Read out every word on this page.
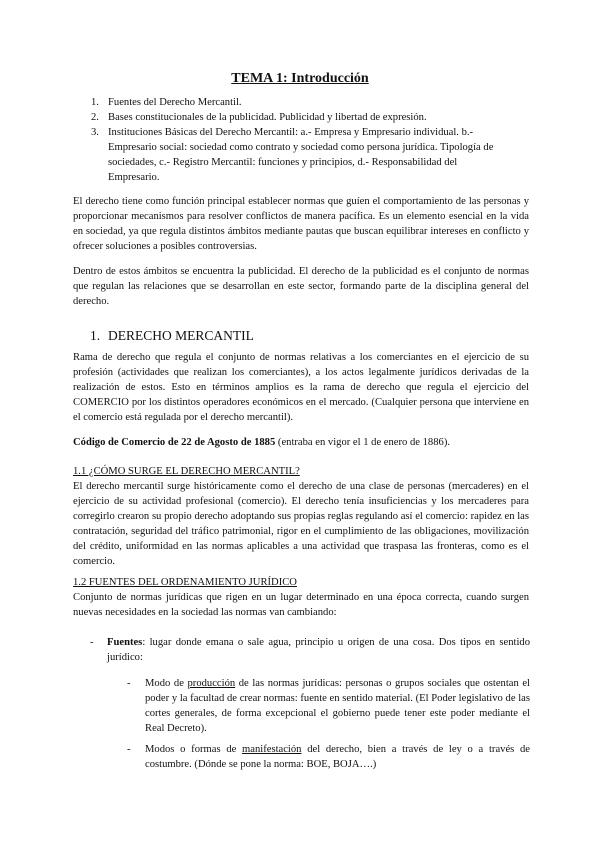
TEMA 1: Introducción
1. Fuentes del Derecho Mercantil.
2. Bases constitucionales de la publicidad. Publicidad y libertad de expresión.
3. Instituciones Básicas del Derecho Mercantil: a.- Empresa y Empresario individual. b.- Empresario social: sociedad como contrato y sociedad como persona jurídica. Tipología de sociedades, c.- Registro Mercantil: funciones y principios, d.- Responsabilidad del Empresario.
El derecho tiene como función principal establecer normas que guíen el comportamiento de las personas y proporcionar mecanismos para resolver conflictos de manera pacífica. Es un elemento esencial en la vida en sociedad, ya que regula distintos ámbitos mediante pautas que buscan equilibrar intereses en conflicto y ofrecer soluciones a posibles controversias.
Dentro de estos ámbitos se encuentra la publicidad. El derecho de la publicidad es el conjunto de normas que regulan las relaciones que se desarrollan en este sector, formando parte de la disciplina general del derecho.
1. DERECHO MERCANTIL
Rama de derecho que regula el conjunto de normas relativas a los comerciantes en el ejercicio de su profesión (actividades que realizan los comerciantes), a los actos legalmente jurídicos derivadas de la realización de estos. Esto en términos amplios es la rama de derecho que regula el ejercicio del COMERCIO por los distintos operadores económicos en el mercado. (Cualquier persona que interviene en el comercio está regulada por el derecho mercantil).
Código de Comercio de 22 de Agosto de 1885 (entraba en vigor el 1 de enero de 1886).
1.1 ¿CÓMO SURGE EL DERECHO MERCANTIL?
El derecho mercantil surge históricamente como el derecho de una clase de personas (mercaderes) en el ejercicio de su actividad profesional (comercio). El derecho tenía insuficiencias y los mercaderes para corregirlo crearon su propio derecho adoptando sus propias reglas regulando así el comercio: rapidez en las contratación, seguridad del tráfico patrimonial, rigor en el cumplimiento de las obligaciones, movilización del crédito, uniformidad en las normas aplicables a una actividad que traspasa las fronteras, como es el comercio.
1.2 FUENTES DEL ORDENAMIENTO JURÍDICO
Conjunto de normas jurídicas que rigen en un lugar determinado en una época correcta, cuando surgen nuevas necesidades en la sociedad las normas van cambiando:
- Fuentes: lugar donde emana o sale agua, principio u origen de una cosa. Dos tipos en sentido jurídico:
- Modo de producción de las normas jurídicas: personas o grupos sociales que ostentan el poder y la facultad de crear normas: fuente en sentido material. (El Poder legislativo de las cortes generales, de forma excepcional el gobierno puede tener este poder mediante el Real Decreto).
- Modos o formas de manifestación del derecho, bien a través de ley o a través de costumbre. (Dónde se pone la norma: BOE, BOJA….)
